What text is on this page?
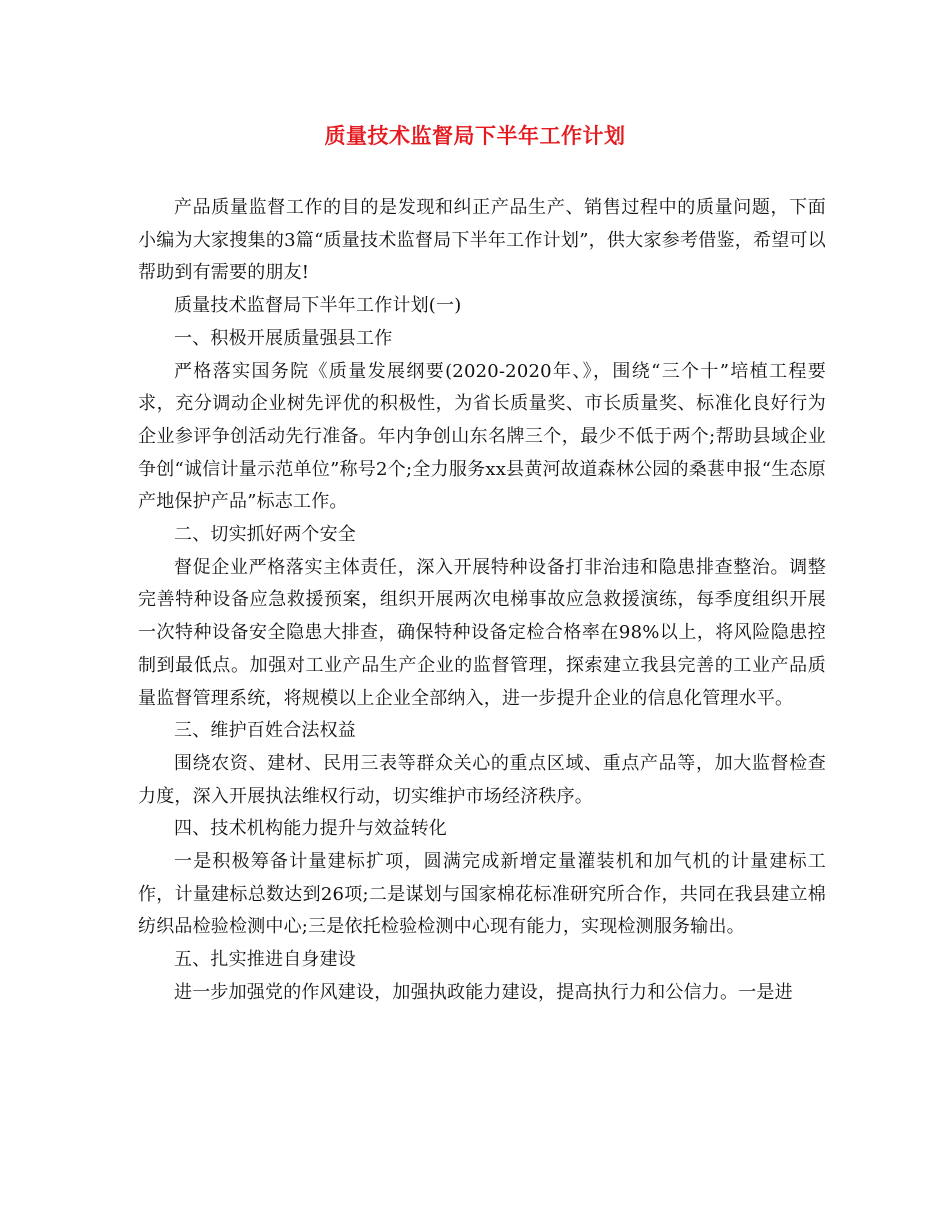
质量技术监督局下半年工作计划

产品质量监督工作的目的是发现和纠正产品生产、销售过程中的质量问题，下面小编为大家搜集的3篇“质量技术监督局下半年工作计划”，供大家参考借鉴，希望可以帮助到有需要的朋友!

质量技术监督局下半年工作计划(一)

一、积极开展质量强县工作

严格落实国务院《质量发展纲要(2020-2020年、》，围绕“三个十”培植工程要求，充分调动企业树先评优的积极性，为省长质量奖、市长质量奖、标准化良好行为企业参评争创活动先行准备。年内争创山东名牌三个，最少不低于两个;帮助县域企业争创“诚信计量示范单位”称号2个;全力服务xx县黄河故道森林公园的桑葚申报“生态原产地保护产品”标志工作。

二、切实抓好两个安全

督促企业严格落实主体责任，深入开展特种设备打非治违和隐患排查整治。调整完善特种设备应急救援预案，组织开展两次电梯事故应急救援演练，每季度组织开展一次特种设备安全隐患大排查，确保特种设备定检合格率在98%以上，将风险隐患控制到最低点。加强对工业产品生产企业的监督管理，探索建立我县完善的工业产品质量监督管理系统，将规模以上企业全部纳入，进一步提升企业的信息化管理水平。

三、维护百姓合法权益

围绕农资、建材、民用三表等群众关心的重点区域、重点产品等，加大监督检查力度，深入开展执法维权行动，切实维护市场经济秩序。

四、技术机构能力提升与效益转化

一是积极筹备计量建标扩项，圆满完成新增定量灌装机和加气机的计量建标工作，计量建标总数达到26项;二是谋划与国家棉花标准研究所合作，共同在我县建立棉纺织品检验检测中心;三是依托检验检测中心现有能力，实现检测服务输出。

五、扎实推进自身建设

进一步加强党的作风建设，加强执政能力建设，提高执行力和公信力。一是进
